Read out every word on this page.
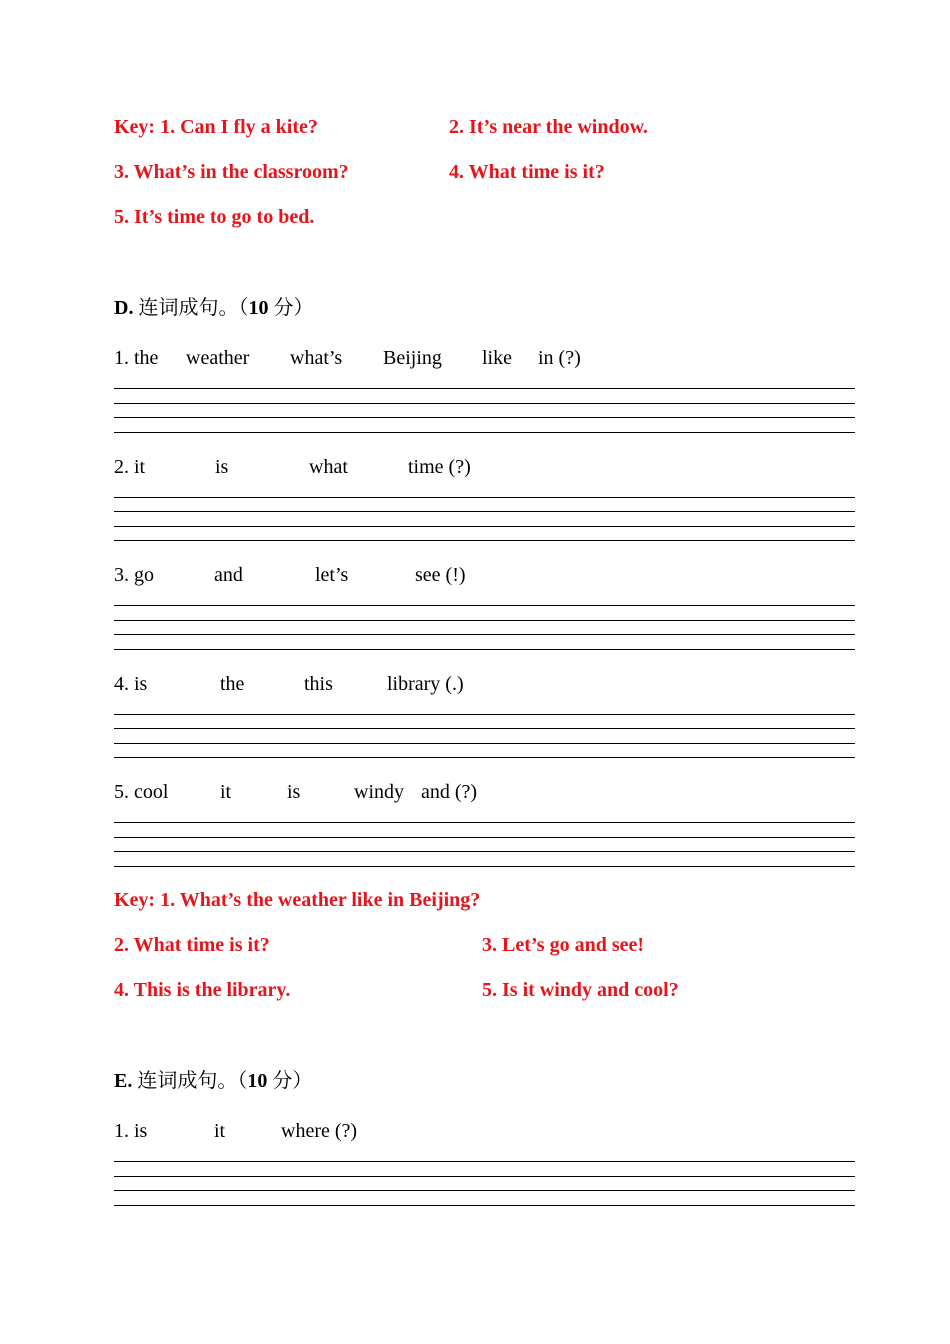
Key: 1. Can I fly a kite?	2. It’s near the window.
3. What’s in the classroom?	4. What time is it?
5. It’s time to go to bed.
D. 连词成句。（10 分）
1. the weather what’s Beijing like in (?)
2. it	is	what	time (?)
3. go	and	let’s	see (!)
4. is	the	this	library (.)
5. cool	it	is	windy and (?)
Key: 1. What’s the weather like in Beijing?
2. What time is it?	3. Let’s go and see!
4. This is the library.	5. Is it windy and cool?
E. 连词成句。（10 分）
1. is	it	where (?)
